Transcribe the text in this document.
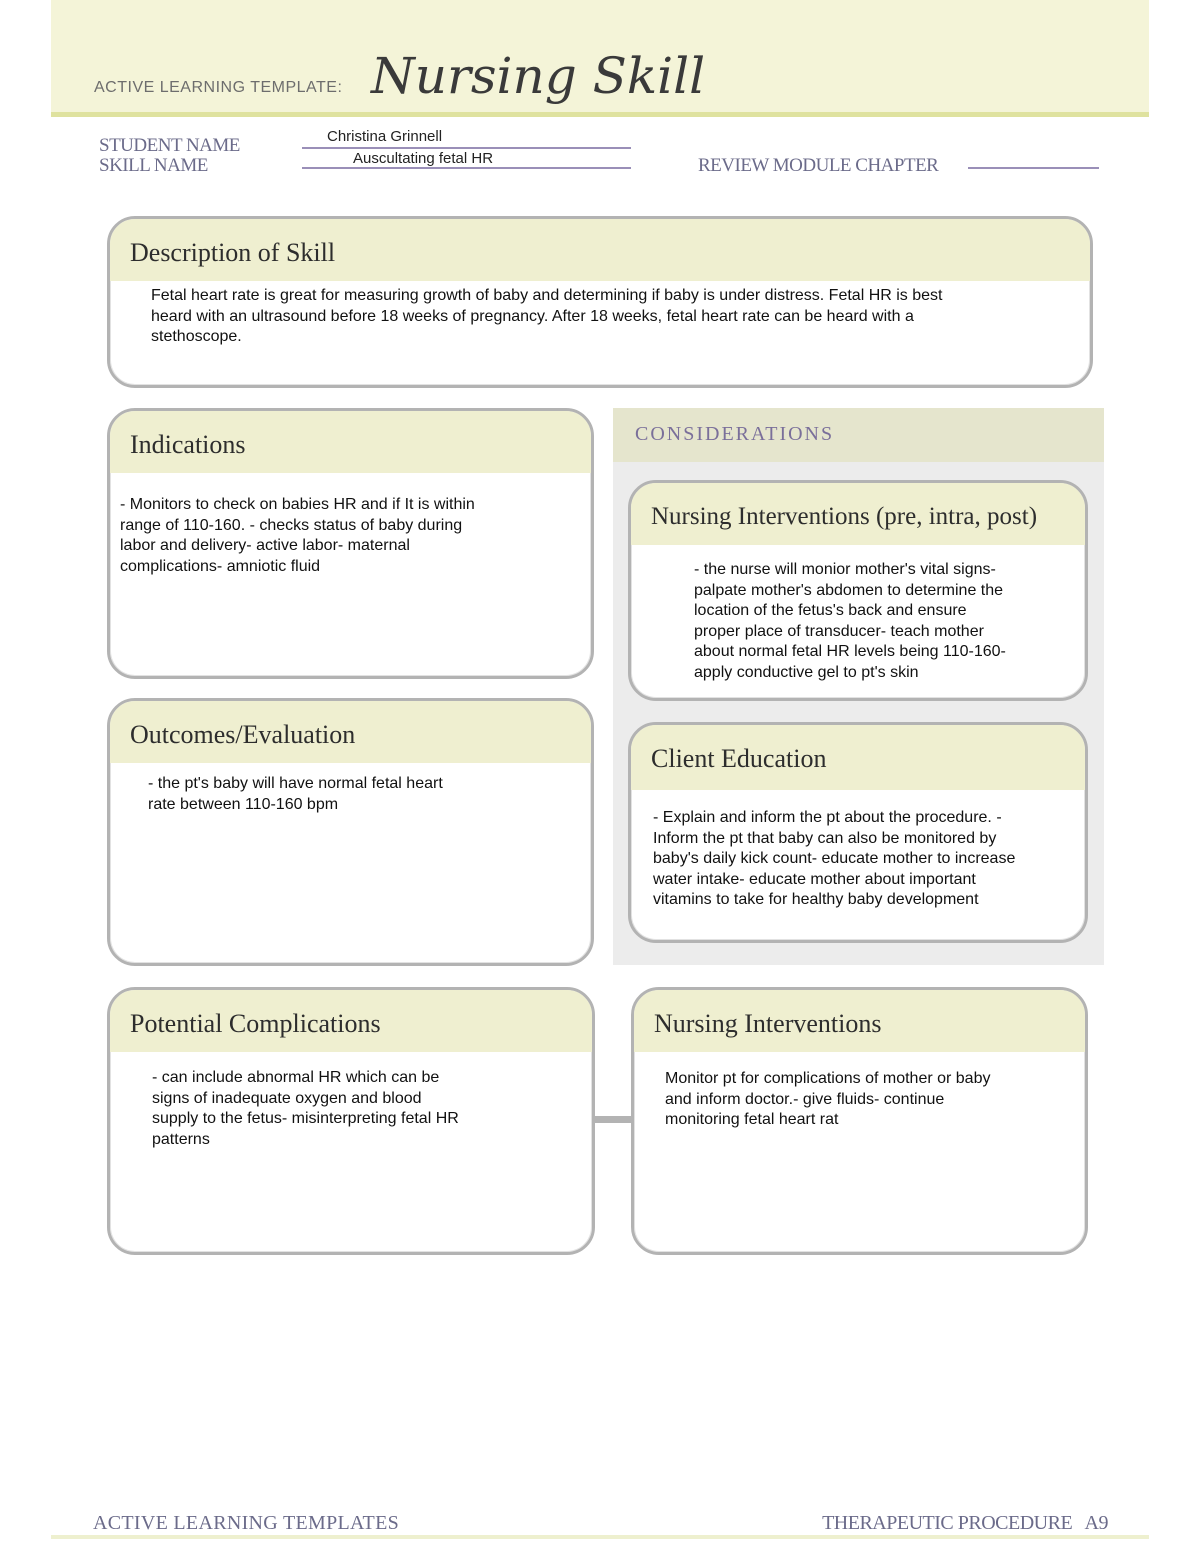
ACTIVE LEARNING TEMPLATE: Nursing Skill
STUDENT NAME	Christina Grinnell
SKILL NAME	Auscultating fetal HR	REVIEW MODULE CHAPTER
Description of Skill
Fetal heart rate is great for measuring growth of baby and determining if baby is under distress. Fetal HR is best
heard with an ultrasound before 18 weeks of pregnancy. After 18 weeks, fetal heart rate can be heard with a
stethoscope.
Indications
- Monitors to check on babies HR and if It is within
range of 110-160. - checks status of baby during
labor and delivery- active labor- maternal
complications- amniotic fluid
Outcomes/Evaluation
- the pt's baby will have normal fetal heart
rate between 110-160 bpm
CONSIDERATIONS
Nursing Interventions (pre, intra, post)
- the nurse will monior mother's vital signs-
palpate mother's abdomen to determine the
location of the fetus's back and ensure
proper place of transducer- teach mother
about normal fetal HR levels being 110-160-
apply conductive gel to pt's skin
Client Education
- Explain and inform the pt about the procedure. -
Inform the pt that baby can also be monitored by
baby's daily kick count- educate mother to increase
water intake- educate mother about important
vitamins to take for healthy baby development
Potential Complications
- can include abnormal HR which can be
signs of inadequate oxygen and blood
supply to the fetus- misinterpreting fetal HR
patterns
Nursing Interventions
Monitor pt for complications of mother or baby
and inform doctor.- give fluids- continue
monitoring fetal heart rat
ACTIVE LEARNING TEMPLATES	THERAPEUTIC PROCEDURE   A9
